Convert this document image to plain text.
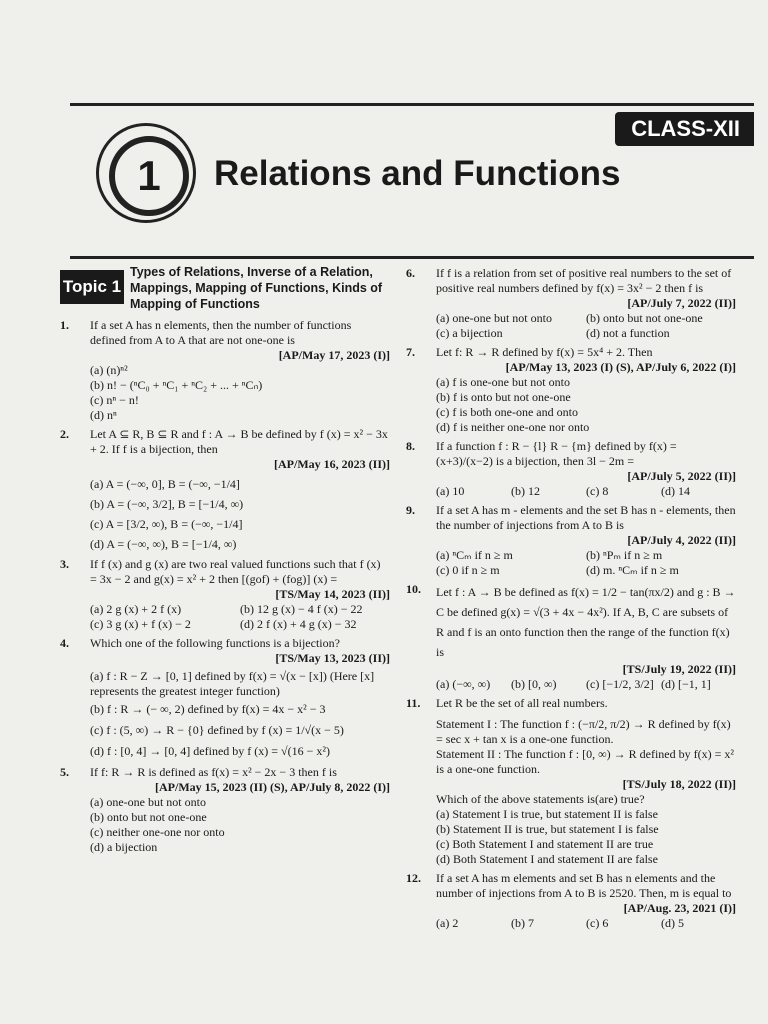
CLASS-XII
1	Relations and Functions
Topic 1
Types of Relations, Inverse of a Relation, Mappings, Mapping of Functions, Kinds of Mapping of Functions
1. If a set A has n elements, then the number of functions defined from A to A that are not one-one is
[AP/May 17, 2023 (I)]
(a) (n)ⁿ²
(b) n! − (ⁿC₀ + ⁿC₁ + ⁿC₂ + ... + ⁿCₙ)
(c) nⁿ − n!
(d) nⁿ
2. Let A ⊆ R, B ⊆ R and f : A → B be defined by f (x) = x² − 3x + 2. If f is a bijection, then
[AP/May 16, 2023 (II)]
(a) A = (−∞, 0], B = (−∞, −1/4]
(b) A = (−∞, 3/2], B = [−1/4, ∞)
(c) A = [3/2, ∞), B = (−∞, −1/4]
(d) A = (−∞, ∞), B = [−1/4, ∞)
3. If f (x) and g (x) are two real valued functions such that f (x) = 3x − 2 and g(x) = x² + 2 then [(gof) + (fog)] (x) =
[TS/May 14, 2023 (II)]
(a) 2 g (x) + 2 f (x)	(b) 12 g (x) − 4 f (x) − 22
(c) 3 g (x) + f (x) − 2	(d) 2 f (x) + 4 g (x) − 32
4. Which one of the following functions is a bijection?
[TS/May 13, 2023 (II)]
(a) f : R − Z → [0, 1] defined by f(x) = √(x − [x]) (Here [x] represents the greatest integer function)
(b) f : R → (− ∞, 2) defined by f(x) = 4x − x² − 3
(c) f : (5, ∞) → R − {0} defined by f (x) = 1/√(x − 5)
(d) f : [0, 4] → [0, 4] defined by f (x) = √(16 − x²)
5. If f: R → R is defined as f(x) = x² − 2x − 3 then f is
[AP/May 15, 2023 (II) (S), AP/July 8, 2022 (I)]
(a) one-one but not onto
(b) onto but not one-one
(c) neither one-one nor onto
(d) a bijection
6. If f is a relation from set of positive real numbers to the set of positive real numbers defined by f(x) = 3x² − 2 then f is
[AP/July 7, 2022 (II)]
(a) one-one but not onto	(b) onto but not one-one
(c) a bijection	(d) not a function
7. Let f: R → R defined by f(x) = 5x⁴ + 2. Then
[AP/May 13, 2023 (I) (S), AP/July 6, 2022 (I)]
(a) f is one-one but not onto
(b) f is onto but not one-one
(c) f is both one-one and onto
(d) f is neither one-one nor onto
8. If a function f : R − {l} R − {m} defined by f(x) = (x+3)/(x−2) is a bijection, then 3l − 2m =
[AP/July 5, 2022 (II)]
(a) 10	(b) 12	(c) 8	(d) 14
9. If a set A has m - elements and the set B has n - elements, then the number of injections from A to B is
[AP/July 4, 2022 (II)]
(a) ⁿCₘ if n ≥ m	(b) ⁿPₘ if n ≥ m
(c) 0 if n ≥ m	(d) m. ⁿCₘ if n ≥ m
10. Let f : A → B be defined as f(x) = 1/2 − tan(πx/2) and g : B → C be defined g(x) = √(3 + 4x − 4x²). If A, B, C are subsets of R and f is an onto function then the range of the function f(x) is
[TS/July 19, 2022 (II)]
(a) (−∞, ∞)	(b) [0, ∞)	(c) [−1/2, 3/2] (d) [−1, 1]
11. Let R be the set of all real numbers.
Statement I : The function f : (−π/2, π/2) → R defined by f(x) = sec x + tan x is a one-one function.
Statement II : The function f : [0, ∞) → R defined by f(x) = x² is a one-one function.
[TS/July 18, 2022 (II)]
Which of the above statements is(are) true?
(a) Statement I is true, but statement II is false
(b) Statement II is true, but statement I is false
(c) Both Statement I and statement II are true
(d) Both Statement I and statement II are false
12. If a set A has m elements and set B has n elements and the number of injections from A to B is 2520. Then, m is equal to
[AP/Aug. 23, 2021 (I)]
(a) 2	(b) 7	(c) 6	(d) 5
